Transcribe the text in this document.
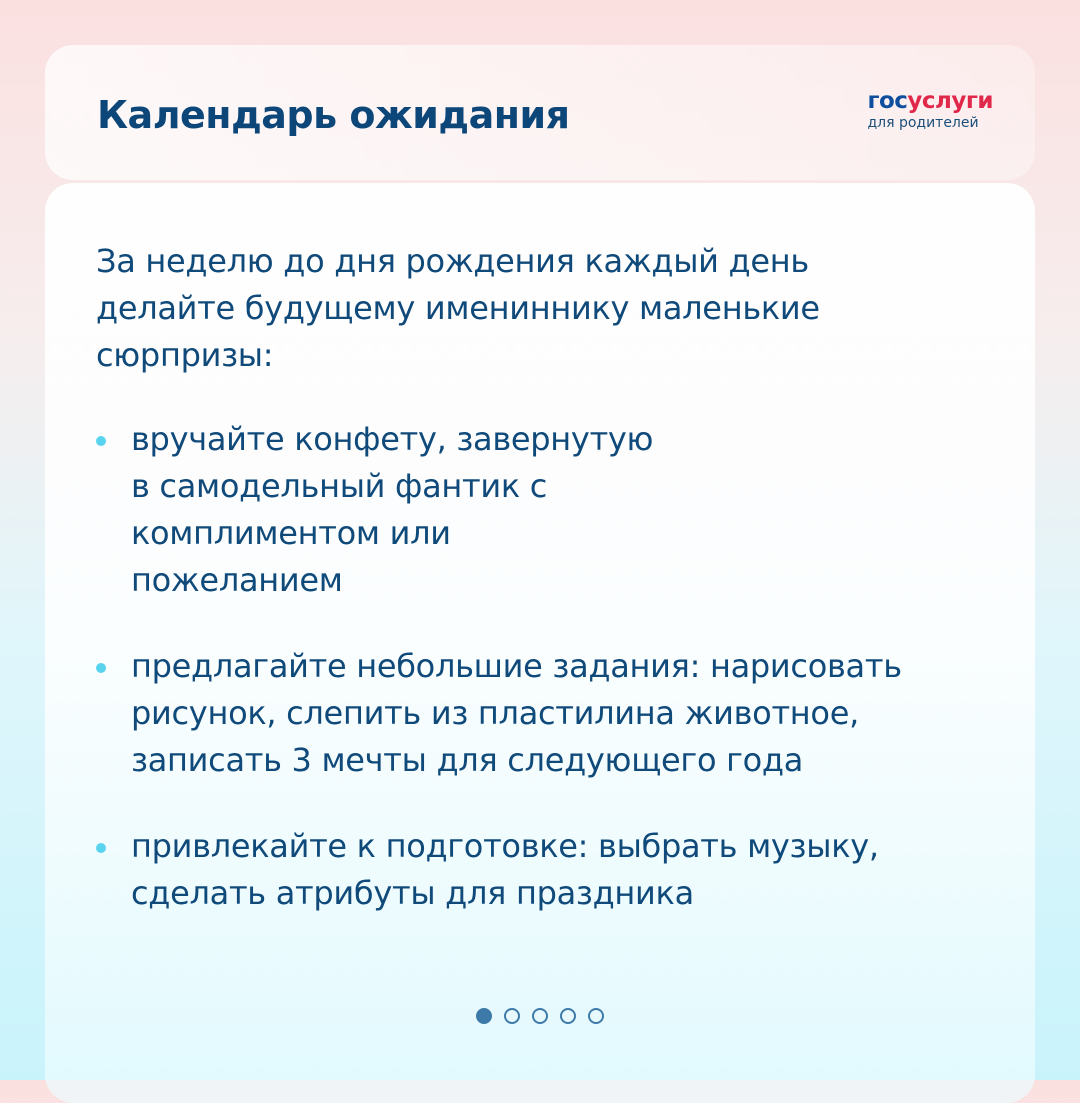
Календарь ожидания	госуслуги
для родителей

За неделю до дня рождения каждый день делайте будущему имениннику маленькие сюрпризы:

вручайте конфету, завернутую в самодельный фантик с комплиментом или пожеланием
предлагайте небольшие задания: нарисовать рисунок, слепить из пластилина животное, записать 3 мечты для следующего года
привлекайте к подготовке: выбрать музыку, сделать атрибуты для праздника
